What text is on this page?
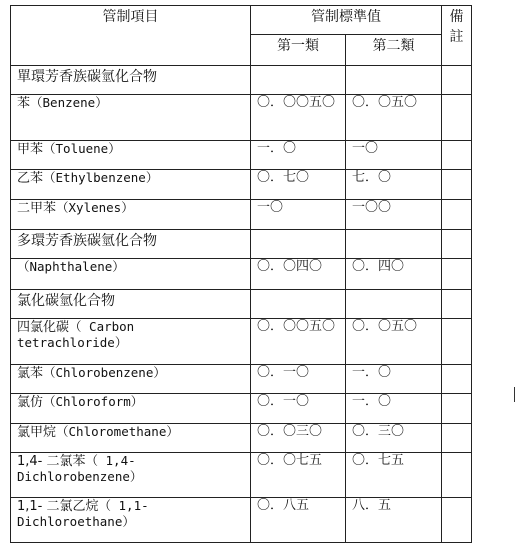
管制項目	管制標準值		備註
	第一類	第二類	
單環芳香族碳氫化合物			
苯（Benzene）	〇．〇〇五〇	〇．〇五〇	
甲苯（Toluene）	一．〇	一〇	
乙苯（Ethylbenzene）	〇．七〇	七．〇	
二甲苯（Xylenes）	一〇	一〇〇	
多環芳香族碳氫化合物			
（Naphthalene）	〇．〇四〇	〇．四〇	
氯化碳氫化合物			
四氯化碳（ Carbon tetrachloride）	〇．〇〇五〇	〇．〇五〇	
氯苯（Chlorobenzene）	〇．一〇	一．〇	
氯仿（Chloroform）	〇．一〇	一．〇	
氯甲烷（Chloromethane）	〇．〇三〇	〇．三〇	
1,4- 二氯苯（ 1,4-Dichlorobenzene）	〇．〇七五	〇．七五	
1,1- 二氯乙烷（ 1,1-Dichloroethane）	〇．八五	八．五	
